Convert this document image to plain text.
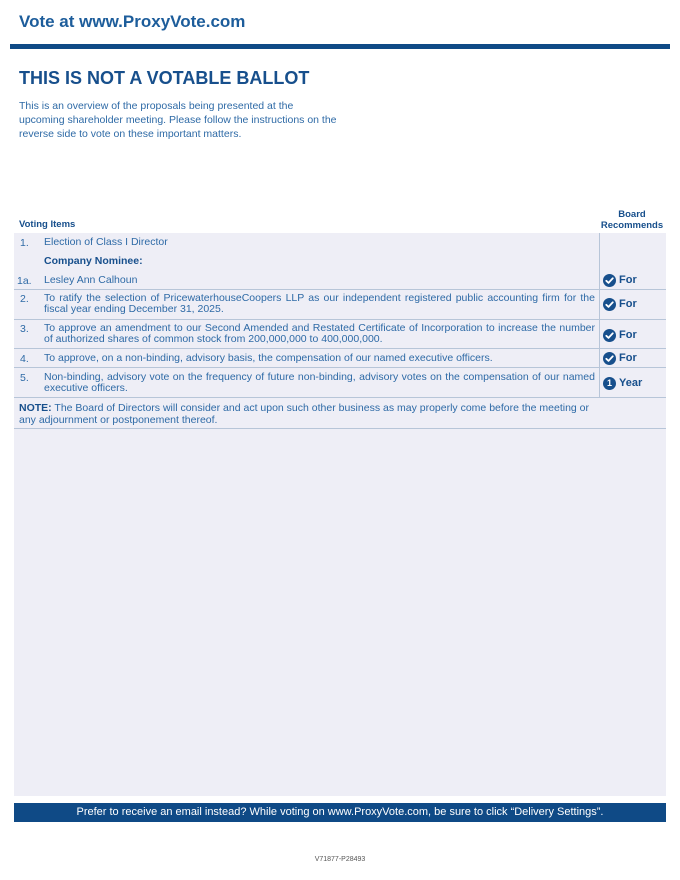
Vote at www.ProxyVote.com
THIS IS NOT A VOTABLE BALLOT
This is an overview of the proposals being presented at the upcoming shareholder meeting. Please follow the instructions on the reverse side to vote on these important matters.
Voting Items
Board
Recommends
1. Election of Class I Director
Company Nominee:
1a. Lesley Ann Calhoun	For
2. To ratify the selection of PricewaterhouseCoopers LLP as our independent registered public accounting firm for the fiscal year ending December 31, 2025.	For
3. To approve an amendment to our Second Amended and Restated Certificate of Incorporation to increase the number of authorized shares of common stock from 200,000,000 to 400,000,000.	For
4. To approve, on a non-binding, advisory basis, the compensation of our named executive officers.	For
5. Non-binding, advisory vote on the frequency of future non-binding, advisory votes on the compensation of our named executive officers.	1 Year
NOTE: The Board of Directors will consider and act upon such other business as may properly come before the meeting or any adjournment or postponement thereof.
Prefer to receive an email instead? While voting on www.ProxyVote.com, be sure to click “Delivery Settings”.
V71877-P28493
